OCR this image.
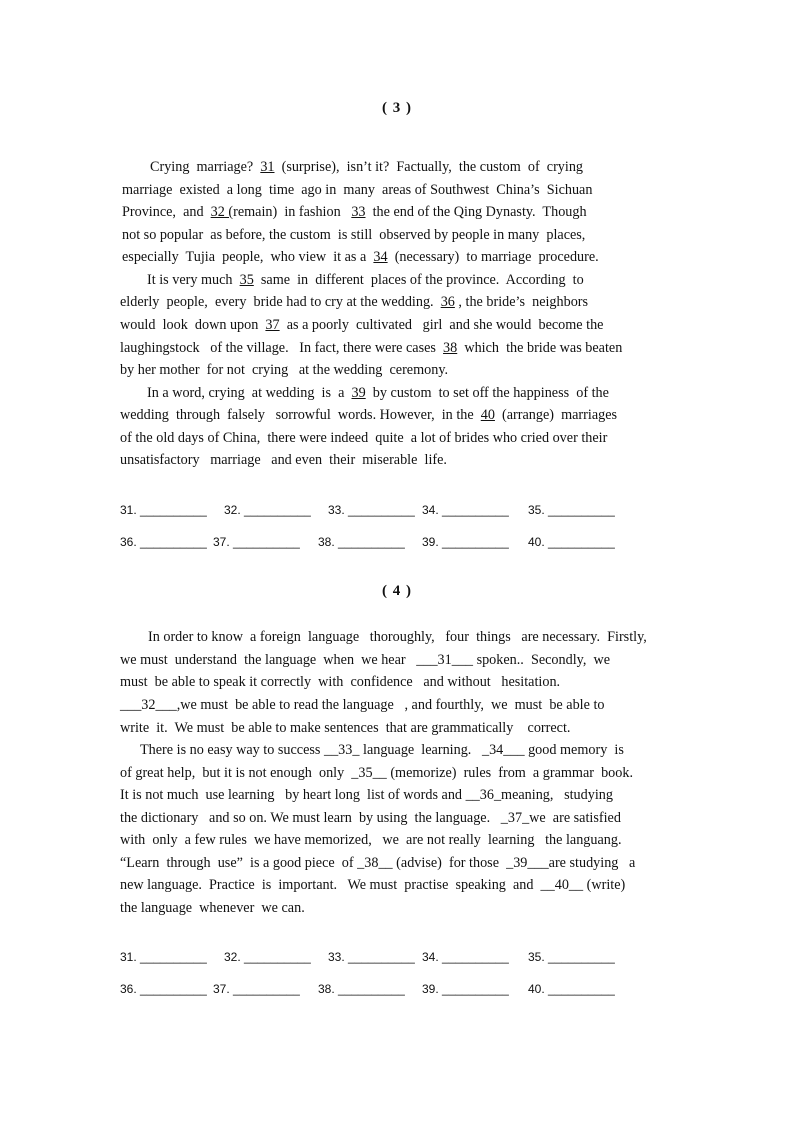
( 3 )
Crying  marriage?  31  (surprise),  isn’t it?  Factually,  the custom  of  crying
marriage  existed  a long  time  ago in  many  areas of Southwest  China’s  Sichuan
Province,  and  32 (remain)  in fashion   33  the end of the Qing Dynasty.  Though
not so popular  as before, the custom  is still  observed by people in many  places,
especially  Tujia  people,  who view  it as a  34  (necessary)  to marriage  procedure.
It is very much  35  same  in  different  places of the province.  According  to
elderly  people,  every  bride had to cry at the wedding.  36 , the bride’s  neighbors
would  look  down upon  37  as a poorly  cultivated   girl  and she would  become the
laughingstock   of the village.   In fact, there were cases  38  which  the bride was beaten
by her mother  for not  crying   at the wedding  ceremony.
In a word, crying  at wedding  is  a  39  by custom  to set off the happiness  of the
wedding  through  falsely   sorrowful  words. However,  in the  40  (arrange)  marriages
of the old days of China,  there were indeed  quite  a lot of brides who cried over their
unsatisfactory   marriage   and even  their  miserable  life.
31. __________ 32. __________ 33. __________ 34. __________ 35. __________
36. __________ 37. __________ 38. __________ 39. __________ 40. __________
( 4 )
In order to know  a foreign  language   thoroughly,   four  things   are necessary.  Firstly,
we must  understand  the language  when  we hear   ___31___ spoken..  Secondly,  we
must  be able to speak it correctly  with  confidence   and without   hesitation.
___32___,we must  be able to read the language   , and fourthly,  we  must  be able to
write  it.  We must  be able to make sentences  that are grammatically    correct.
There is no easy way to success __33_ language  learning.   _34___ good memory  is
of great help,  but it is not enough  only  _35__ (memorize)  rules  from  a grammar  book.
It is not much  use learning   by heart long  list of words and __36_meaning,   studying
the dictionary   and so on. We must learn  by using  the language.   _37_we  are satisfied
with  only  a few rules  we have memorized,   we  are not really  learning   the languang.
“Learn  through  use”  is a good piece  of _38__ (advise)  for those  _39___are studying   a
new language.  Practice  is  important.   We must  practise  speaking  and  __40__ (write)
the language  whenever  we can.
31. __________ 32. __________ 33. __________ 34. __________ 35. __________
36. __________ 37. __________ 38. __________ 39. __________ 40. __________
